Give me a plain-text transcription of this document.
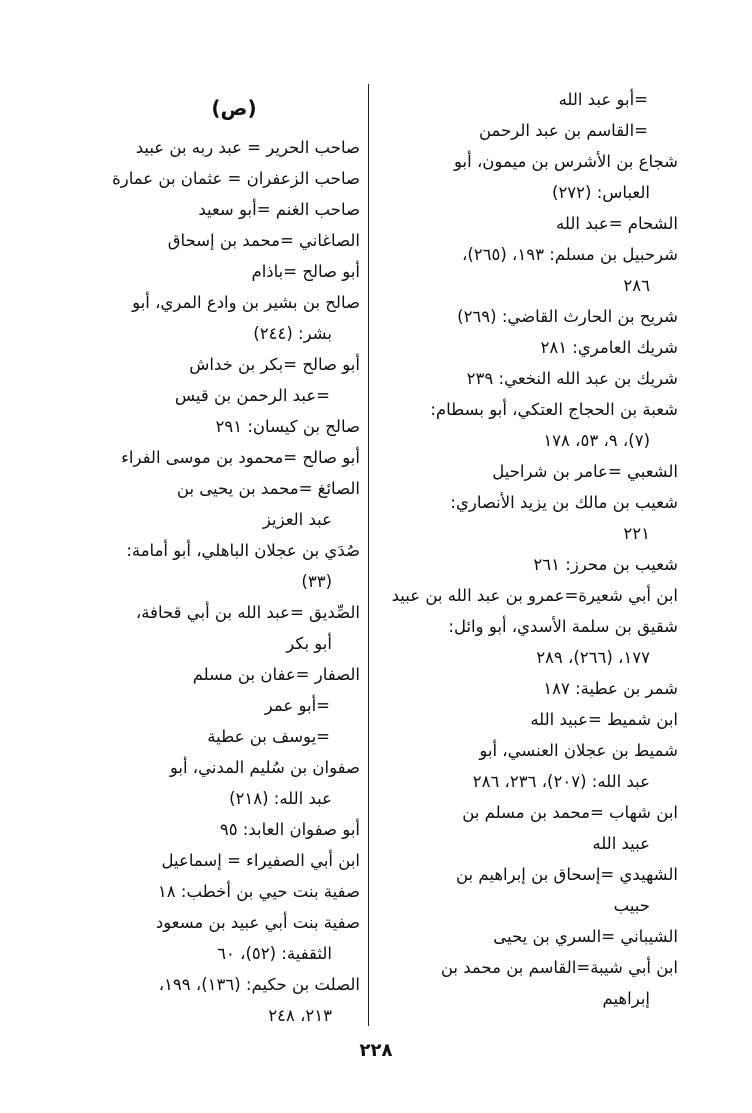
=أبو عبد الله
=القاسم بن عبد الرحمن
شجاع بن الأشرس بن ميمون، أبو
العباس: (٢٧٢)
الشحام =عبد الله
شرحبيل بن مسلم: ١٩٣، (٢٦٥)،
٢٨٦
شريح بن الحارث القاضي: (٢٦٩)
شريك العامري: ٢٨١
شريك بن عبد الله النخعي: ٢٣٩
شعبة بن الحجاج العتكي، أبو بسطام:
(٧)، ٩، ٥٣، ١٧٨
الشعبي =عامر بن شراحيل
شعيب بن مالك بن يزيد الأنصاري:
٢٢١
شعيب بن محرز: ٢٦١
ابن أبي شعيرة=عمرو بن عبد الله بن عبيد
شقيق بن سلمة الأسدي، أبو وائل:
١٧٧، (٢٦٦)، ٢٨٩
شمر بن عطية: ١٨٧
ابن شميط =عبيد الله
شميط بن عجلان العنسي، أبو
عبد الله: (٢٠٧)، ٢٣٦، ٢٨٦
ابن شهاب =محمد بن مسلم بن
عبيد الله
الشهيدي =إسحاق بن إبراهيم بن
حبيب
الشيباني =السري بن يحيى
ابن أبي شيبة=القاسم بن محمد بن
إبراهيم
(ص)
صاحب الحرير = عبد ربه بن عبيد
صاحب الزعفران = عثمان بن عمارة
صاحب الغنم =أبو سعيد
الصاغاني =محمد بن إسحاق
أبو صالح =باذام
صالح بن بشير بن وادع المري، أبو
بشر: (٢٤٤)
أبو صالح =بكر بن خداش
=عبد الرحمن بن قيس
صالح بن كيسان: ٢٩١
أبو صالح =محمود بن موسى الفراء
الصائغ =محمد بن يحيى بن
عبد العزيز
صُدَي بن عجلان الباهلي، أبو أمامة:
(٣٣)
الصِّديق =عبد الله بن أبي قحافة،
أبو بكر
الصفار =عفان بن مسلم
=أبو عمر
=يوسف بن عطية
صفوان بن سُليم المدني، أبو
عبد الله: (٢١٨)
أبو صفوان العابد: ٩٥
ابن أبي الصفيراء = إسماعيل
صفية بنت حيي بن أخطب: ١٨
صفية بنت أبي عبيد بن مسعود
الثقفية: (٥٢)، ٦٠
الصلت بن حكيم: (١٣٦)، ١٩٩،
٢١٣، ٢٤٨
٢٢٨
